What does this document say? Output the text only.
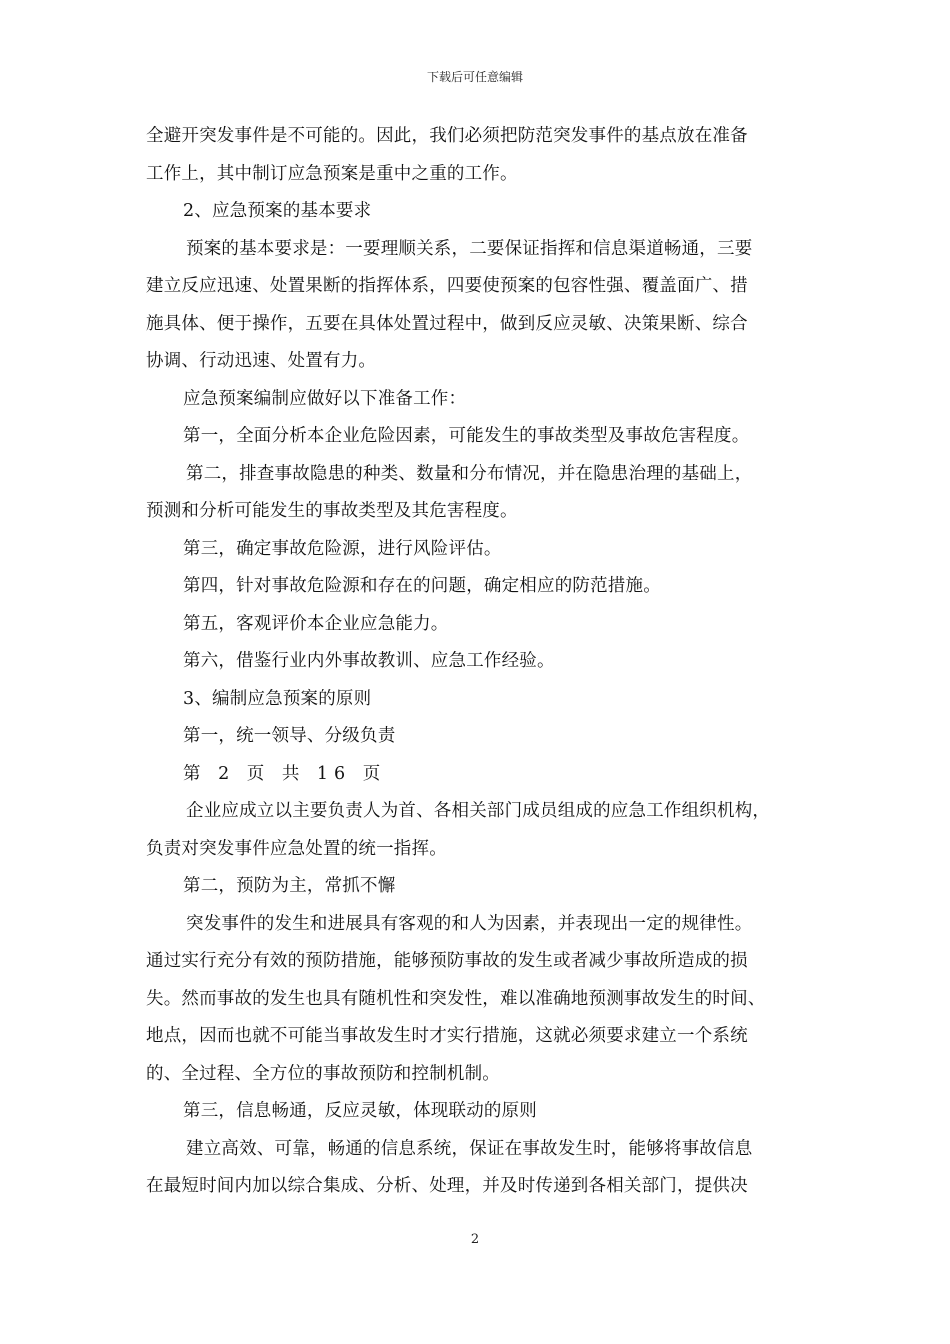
下载后可任意编辑
全避开突发事件是不可能的。因此，我们必须把防范突发事件的基点放在准备
工作上，其中制订应急预案是重中之重的工作。
2、应急预案的基本要求
预案的基本要求是：一要理顺关系，二要保证指挥和信息渠道畅通，三要
建立反应迅速、处置果断的指挥体系，四要使预案的包容性强、覆盖面广、措
施具体、便于操作，五要在具体处置过程中，做到反应灵敏、决策果断、综合
协调、行动迅速、处置有力。
应急预案编制应做好以下准备工作：
第一，全面分析本企业危险因素，可能发生的事故类型及事故危害程度。
第二，排查事故隐患的种类、数量和分布情况，并在隐患治理的基础上，
预测和分析可能发生的事故类型及其危害程度。
第三，确定事故危险源，进行风险评估。
第四，针对事故危险源和存在的问题，确定相应的防范措施。
第五，客观评价本企业应急能力。
第六，借鉴行业内外事故教训、应急工作经验。
3、编制应急预案的原则
第一，统一领导、分级负责
第 2 页 共 16 页
企业应成立以主要负责人为首、各相关部门成员组成的应急工作组织机构，
负责对突发事件应急处置的统一指挥。
第二，预防为主，常抓不懈
突发事件的发生和进展具有客观的和人为因素，并表现出一定的规律性。
通过实行充分有效的预防措施，能够预防事故的发生或者减少事故所造成的损
失。然而事故的发生也具有随机性和突发性，难以准确地预测事故发生的时间、
地点，因而也就不可能当事故发生时才实行措施，这就必须要求建立一个系统
的、全过程、全方位的事故预防和控制机制。
第三，信息畅通，反应灵敏，体现联动的原则
建立高效、可靠，畅通的信息系统，保证在事故发生时，能够将事故信息
在最短时间内加以综合集成、分析、处理，并及时传递到各相关部门，提供决
2
